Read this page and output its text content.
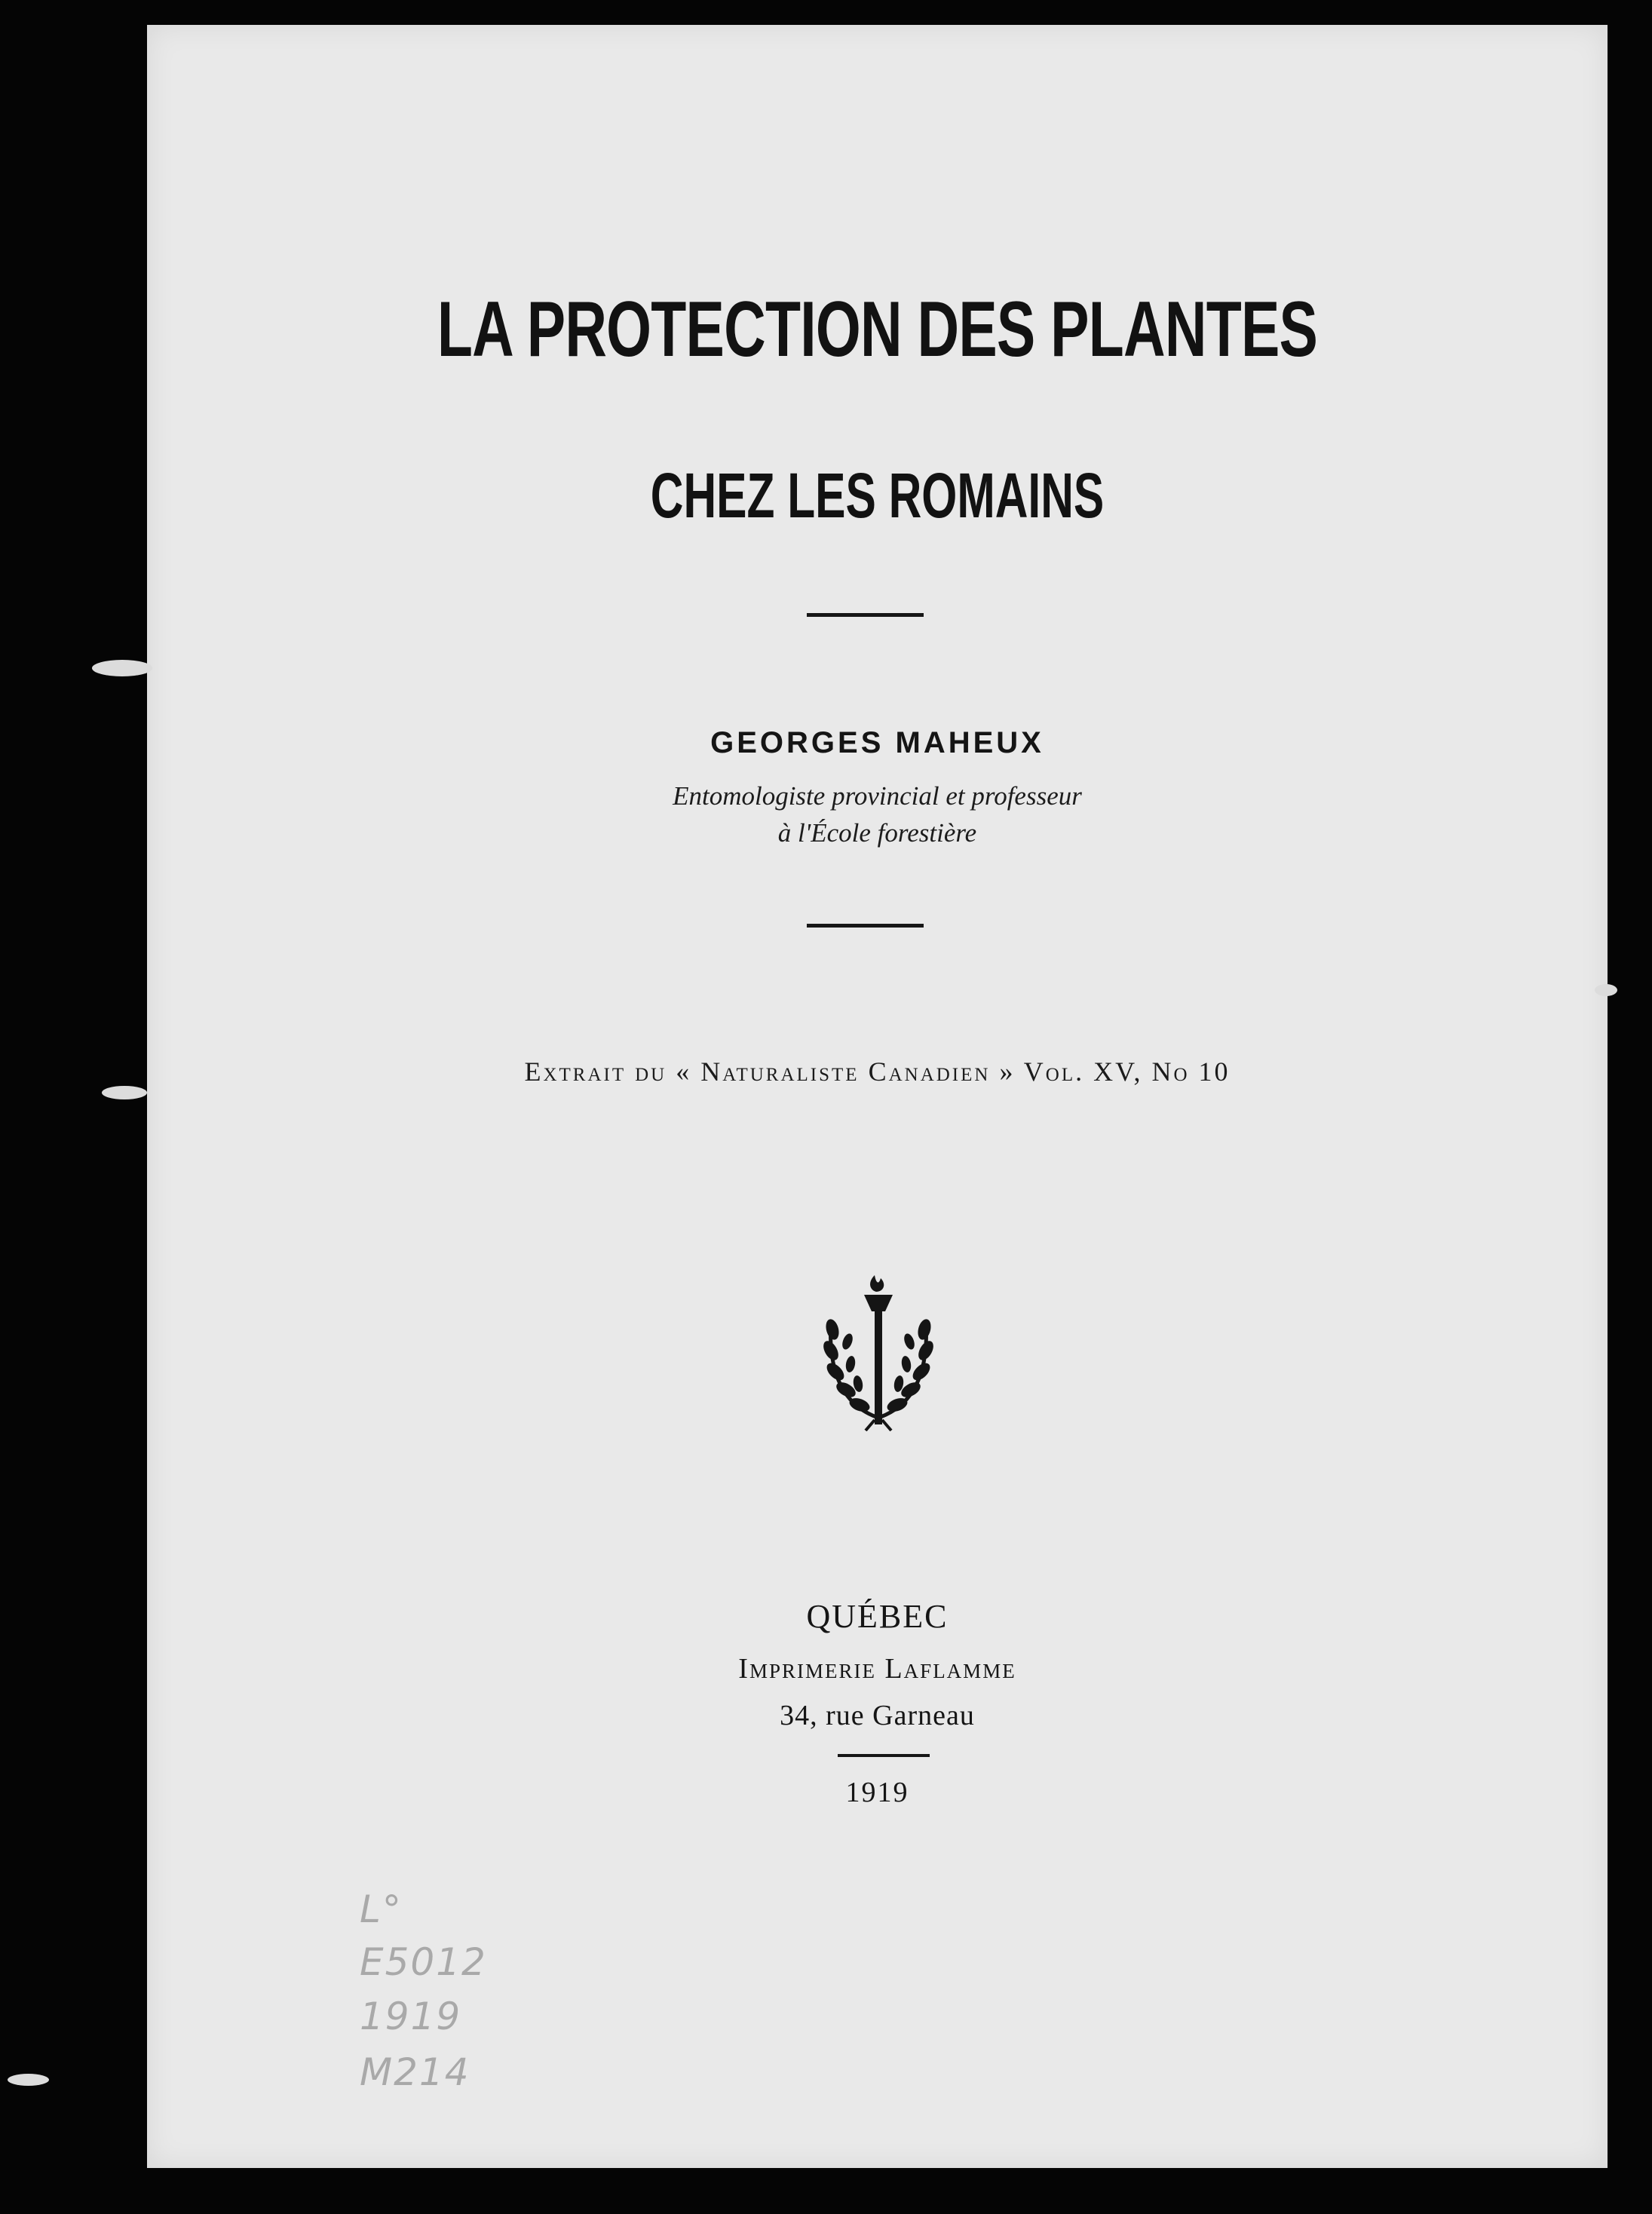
LA PROTECTION DES PLANTES
CHEZ LES ROMAINS
GEORGES MAHEUX
Entomologiste provincial et professeur
à l'École forestière
Extrait du « Naturaliste Canadien » Vol. XV, No 10
QUÉBEC
Imprimerie Laflamme
34, rue Garneau
1919
L°
E5012
1919
M214
